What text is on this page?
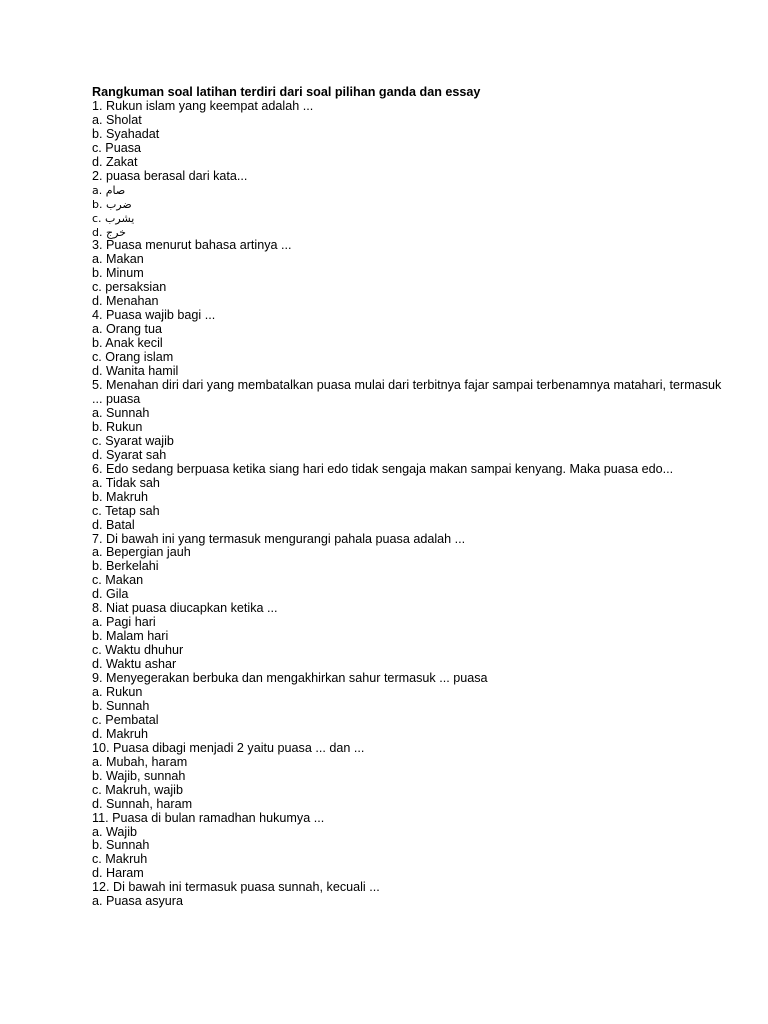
Rangkuman soal latihan terdiri dari soal pilihan ganda dan essay
1. Rukun islam yang keempat adalah ...
a. Sholat
b. Syahadat
c. Puasa
d. Zakat
2. puasa berasal dari kata...
a. صام
b. ضرب
c. يشرب
d. خرج
3. Puasa menurut bahasa artinya ...
a. Makan
b. Minum
c. persaksian
d. Menahan
4. Puasa wajib bagi ...
a. Orang tua
b. Anak kecil
c. Orang islam
d. Wanita hamil
5. Menahan diri dari yang membatalkan puasa mulai dari terbitnya fajar sampai terbenamnya matahari, termasuk ... puasa
a. Sunnah
b. Rukun
c. Syarat wajib
d. Syarat sah
6. Edo sedang berpuasa ketika siang hari edo tidak sengaja makan sampai kenyang. Maka puasa edo...
a. Tidak sah
b. Makruh
c. Tetap sah
d. Batal
7. Di bawah ini yang termasuk mengurangi pahala puasa adalah ...
a. Bepergian jauh
b. Berkelahi
c. Makan
d. Gila
8. Niat puasa diucapkan ketika ...
a. Pagi hari
b. Malam hari
c. Waktu dhuhur
d. Waktu ashar
9. Menyegerakan berbuka dan mengakhirkan sahur termasuk ... puasa
a. Rukun
b. Sunnah
c. Pembatal
d. Makruh
10. Puasa dibagi menjadi 2 yaitu puasa ... dan ...
a. Mubah, haram
b. Wajib, sunnah
c. Makruh, wajib
d. Sunnah, haram
11. Puasa di bulan ramadhan hukumya ...
a. Wajib
b. Sunnah
c. Makruh
d. Haram
12. Di bawah ini termasuk puasa sunnah, kecuali ...
a. Puasa asyura
